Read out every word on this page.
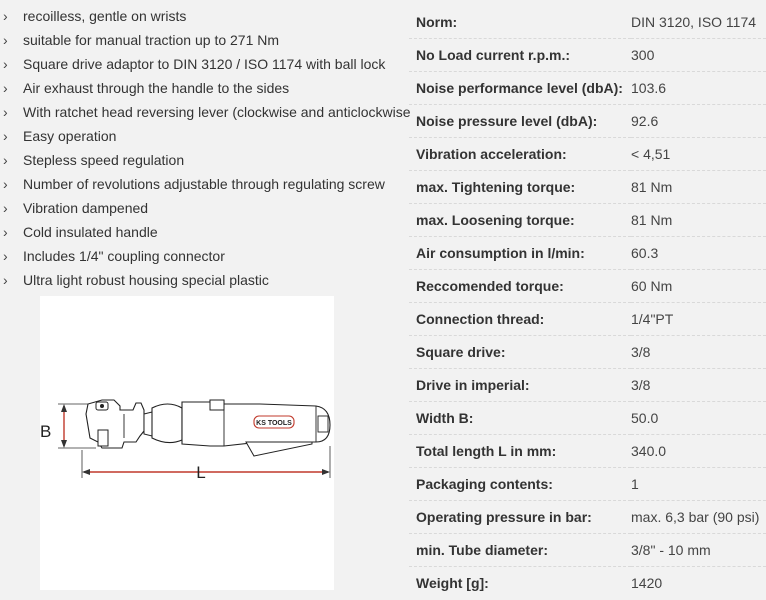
› recoilless, gentle on wrists
› suitable for manual traction up to 271 Nm
› Square drive adaptor to DIN 3120 / ISO 1174 with ball lock
› Air exhaust through the handle to the sides
› With ratchet head reversing lever (clockwise and anticlockwise
› Easy operation
› Stepless speed regulation
› Number of revolutions adjustable through regulating screw
› Vibration dampened
› Cold insulated handle
› Includes 1/4" coupling connector
› Ultra light robust housing special plastic
B	KS TOOLS
L
Norm:	DIN 3120, ISO 1174
No Load current r.p.m.:	300
Noise performance level (dbA):	103.6
Noise pressure level (dbA):	92.6
Vibration acceleration:	< 4,51
max. Tightening torque:	81 Nm
max. Loosening torque:	81 Nm
Air consumption in l/min:	60.3
Reccomended torque:	60 Nm
Connection thread:	1/4"PT
Square drive:	3/8
Drive in imperial:	3/8
Width B:	50.0
Total length L in mm:	340.0
Packaging contents:	1
Operating pressure in bar:	max. 6,3 bar (90 psi)
min. Tube diameter:	3/8" - 10 mm
Weight [g]:	1420
